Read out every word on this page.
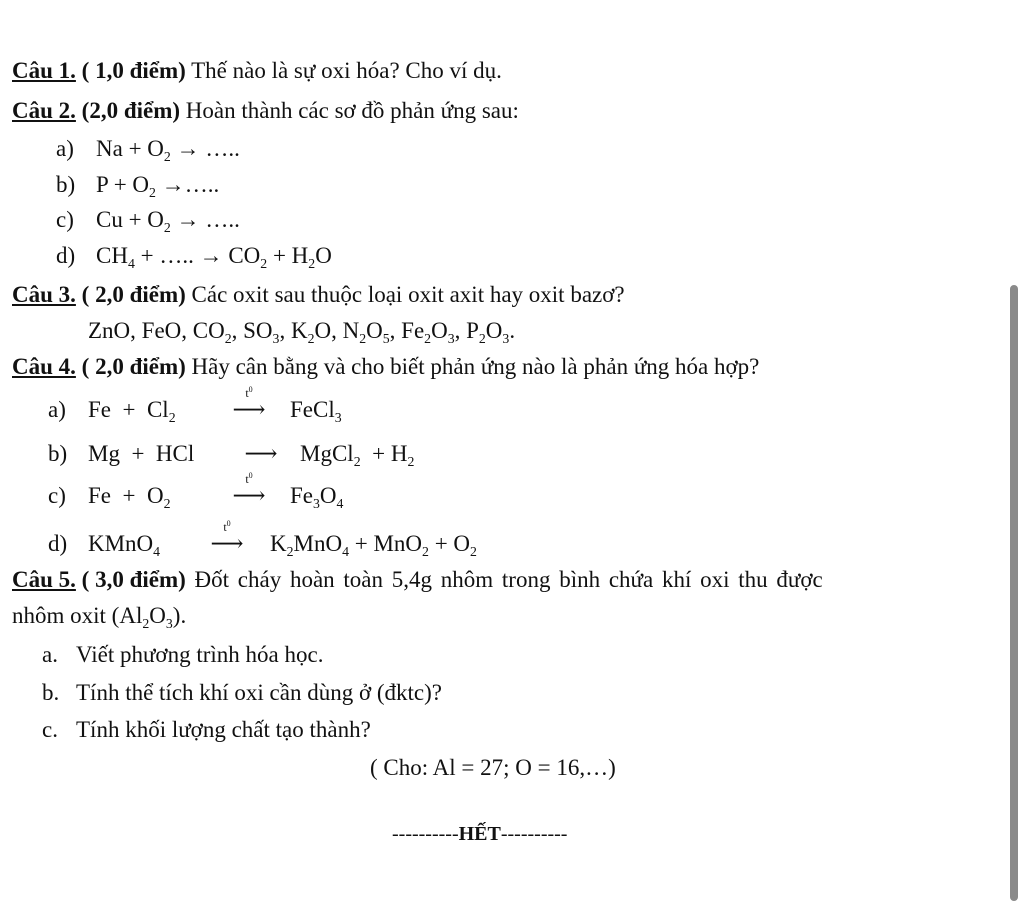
Câu 1. ( 1,0 điểm) Thế nào là sự oxi hóa? Cho ví dụ.
Câu 2. (2,0 điểm) Hoàn thành các sơ đồ phản ứng sau:
a) $Na + O_2$ → …..
b) $P + O_2$ →…..
c) $Cu + O_2$ → …..
d) $CH_4$ + ….. → $CO_2 + H_2O$
Câu 3. ( 2,0 điểm) Các oxit sau thuộc loại oxit axit hay oxit bazơ?
ZnO, FeO, $CO_2$, $SO_3$, $K_2O$, $N_2O_5$, $Fe_2O_3$, $P_2O_3$.
Câu 4. ( 2,0 điểm) Hãy cân bằng và cho biết phản ứng nào là phản ứng hóa hợp?
a) $Fe + Cl_2$
$t^0$
⟶ FeCl$_3$
b) Mg  +  HCl ⟶ MgCl$_2$  + $H_2$
c) $Fe + O_2$
$t^0$
⟶ $Fe_3O_4$
d) KMnO$_4$
$t^0$
⟶ $K_2MnO_4 + MnO_2 + O_2$
Câu 5. ( 3,0 điểm) Đốt cháy hoàn toàn 5,4g nhôm trong bình chứa khí oxi thu được
nhôm oxit $(Al_2O_3)$.
a. Viết phương trình hóa học.
b. Tính thể tích khí oxi cần dùng ở (đktc)?
c. Tính khối lượng chất tạo thành?
( Cho: Al = 27; O = 16,…)
----------HẾT----------
